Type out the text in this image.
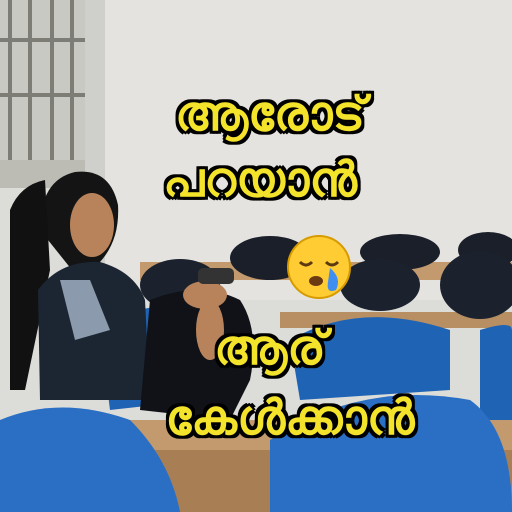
ആരോട്
പറയാൻ
ആര്
കേൾക്കാൻ
